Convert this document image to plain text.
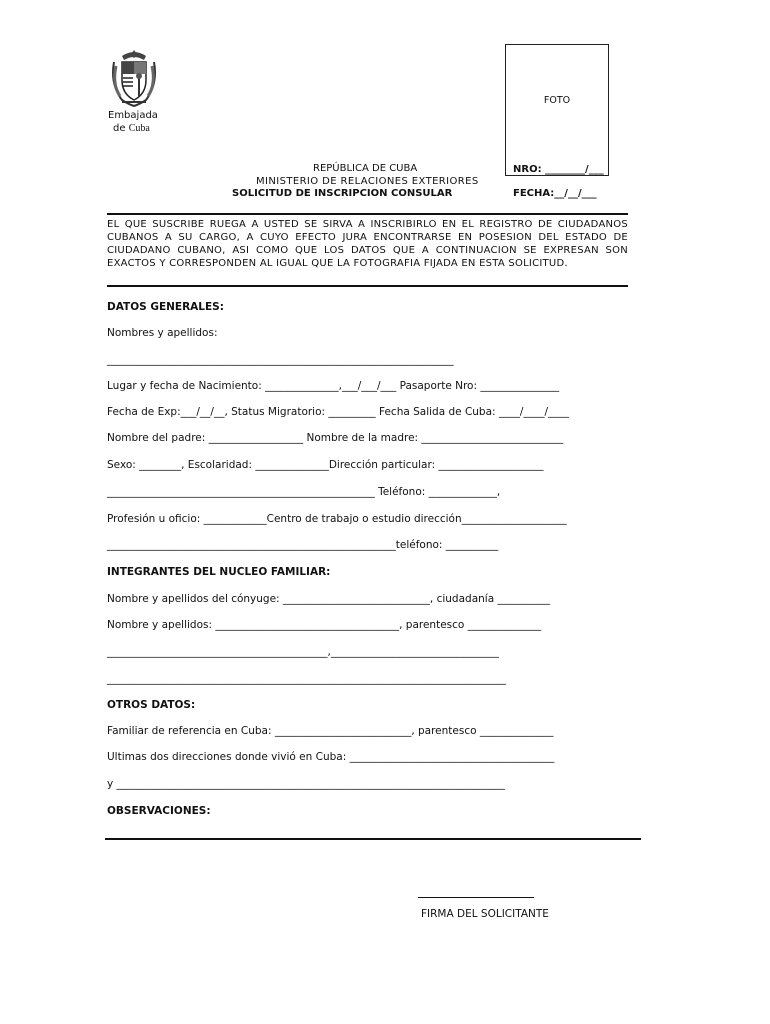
Embajada
de Cuba
FOTO
REPÚBLICA DE CUBA
MINISTERIO DE RELACIONES EXTERIORES
SOLICITUD DE INSCRIPCION CONSULAR
NRO: ________/___
FECHA:__/__/___
EL QUE SUSCRIBE RUEGA A USTED SE SIRVA A INSCRIBIRLO EN EL REGISTRO DE CIUDADANOS CUBANOS A SU CARGO, A CUYO EFECTO JURA ENCONTRARSE EN POSESION DEL ESTADO DE CIUDADANO CUBANO, ASI COMO QUE LOS DATOS QUE A CONTINUACION SE EXPRESAN SON EXACTOS Y CORRESPONDEN AL IGUAL QUE LA FOTOGRAFIA FIJADA EN ESTA SOLICITUD.
DATOS GENERALES:
Nombres y apellidos:
__________________________________________________________________
Lugar y fecha de Nacimiento: ______________,___/___/___ Pasaporte Nro: _______________
Fecha de Exp:___/__/__, Status Migratorio: _________ Fecha Salida de Cuba: ____/____/____
Nombre del padre: __________________ Nombre de la madre: ___________________________
Sexo: ________, Escolaridad: ______________Dirección particular: ____________________
___________________________________________________ Teléfono: _____________,
Profesión u oficio: ____________Centro de trabajo o estudio dirección____________________
_______________________________________________________teléfono: __________
INTEGRANTES DEL NUCLEO FAMILIAR:
Nombre y apellidos del cónyuge: ____________________________, ciudadanía __________
Nombre y apellidos: ___________________________________, parentesco ______________
__________________________________________,________________________________
____________________________________________________________________________
OTROS DATOS:
Familiar de referencia en Cuba: __________________________, parentesco ______________
Ultimas dos direcciones donde vivió en Cuba: _______________________________________
y __________________________________________________________________________
OBSERVACIONES:
FIRMA DEL SOLICITANTE
